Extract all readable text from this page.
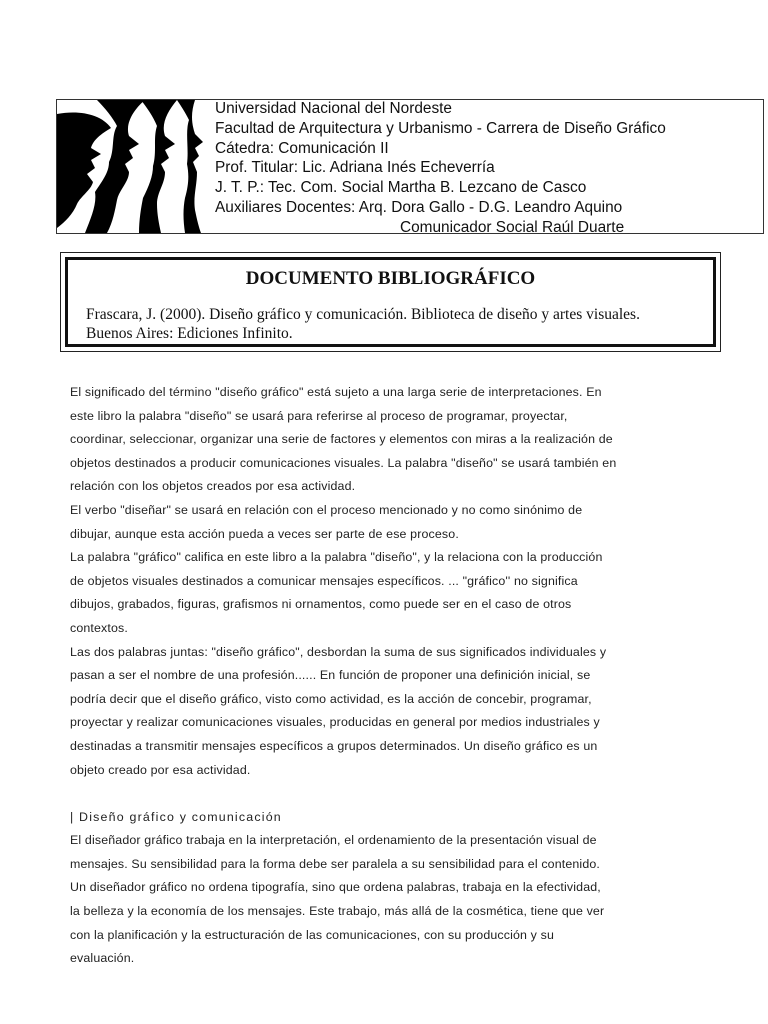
Universidad Nacional del Nordeste
Facultad de Arquitectura y Urbanismo - Carrera de Diseño Gráfico
Cátedra: Comunicación II
Prof. Titular: Lic. Adriana Inés Echeverría
J. T. P.: Tec. Com. Social Martha B. Lezcano de Casco
Auxiliares Docentes: Arq. Dora Gallo - D.G. Leandro Aquino
Comunicador Social Raúl Duarte
DOCUMENTO BIBLIOGRÁFICO
Frascara, J. (2000). Diseño gráfico y comunicación. Biblioteca de diseño y artes visuales.
Buenos Aires: Ediciones Infinito.
El significado del término "diseño gráfico" está sujeto a una larga serie de interpretaciones. En
este libro la palabra "diseño" se usará para referirse al proceso de programar, proyectar,
coordinar, seleccionar, organizar una serie de factores y elementos con miras a la realización de
objetos destinados a producir comunicaciones visuales. La palabra "diseño" se usará también en
relación con los objetos creados por esa actividad.
El verbo "diseñar" se usará en relación con el proceso mencionado y no como sinónimo de
dibujar, aunque esta acción pueda a veces ser parte de ese proceso.
La palabra "gráfico" califica en este libro a la palabra "diseño", y la relaciona con la producción
de objetos visuales destinados a comunicar mensajes específicos. ... "gráfico'' no significa
dibujos, grabados, figuras, grafismos ni ornamentos, como puede ser en el caso de otros
contextos.
Las dos palabras juntas: "diseño gráfico", desbordan la suma de sus significados individuales y
pasan a ser el nombre de una profesión...... En función de proponer una definición inicial, se
podría decir que el diseño gráfico, visto como actividad, es la acción de concebir, programar,
proyectar y realizar comunicaciones visuales, producidas en general por medios industriales y
destinadas a transmitir mensajes específicos a grupos determinados. Un diseño gráfico es un
objeto creado por esa actividad.
| Diseño gráfico y comunicación
El diseñador gráfico trabaja en la interpretación, el ordenamiento de la presentación visual de
mensajes. Su sensibilidad para la forma debe ser paralela a su sensibilidad para el contenido.
Un diseñador gráfico no ordena tipografía, sino que ordena palabras, trabaja en la efectividad,
la belleza y la economía de los mensajes. Este trabajo, más allá de la cosmética, tiene que ver
con la planificación y la estructuración de las comunicaciones, con su producción y su
evaluación.
